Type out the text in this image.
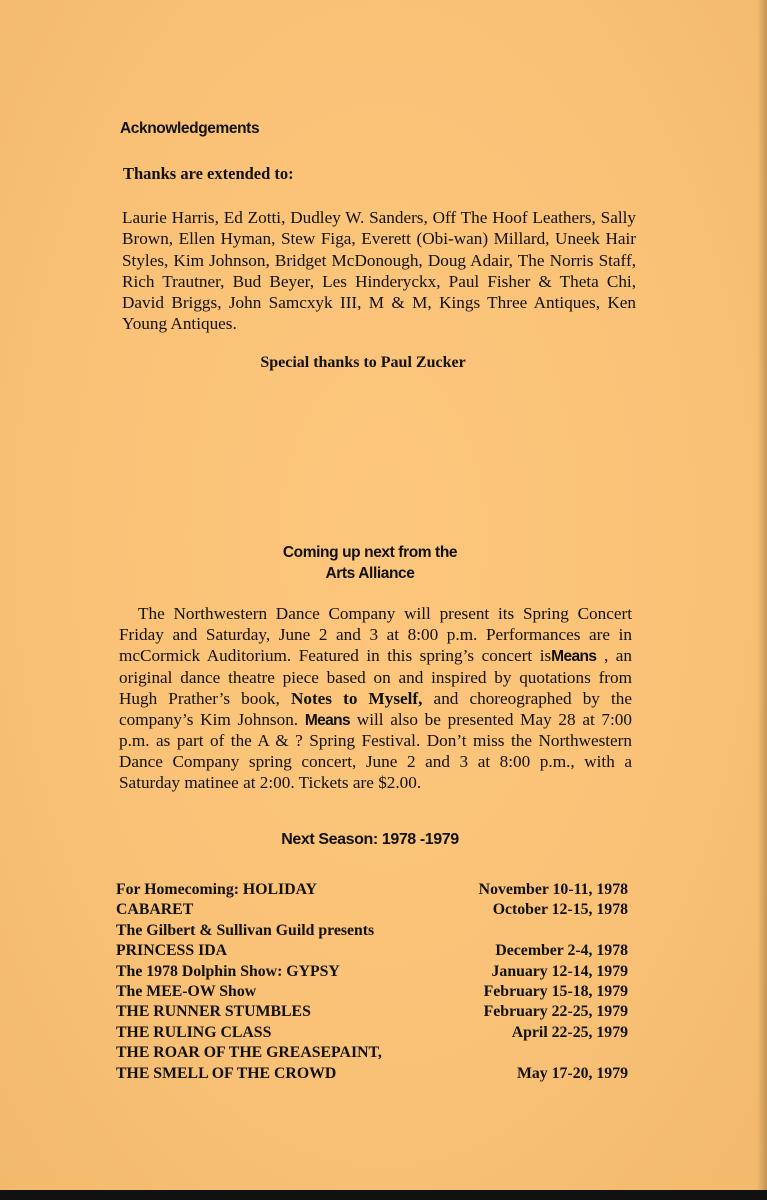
Acknowledgements
Thanks are extended to:
Laurie Harris, Ed Zotti, Dudley W. Sanders, Off The Hoof Leathers, Sally Brown, Ellen Hyman, Stew Figa, Everett (Obi-wan) Millard, Uneek Hair Styles, Kim Johnson, Bridget McDonough, Doug Adair, The Norris Staff, Rich Trautner, Bud Beyer, Les Hinderyckx, Paul Fisher & Theta Chi, David Briggs, John Samcxyk III, M & M, Kings Three Antiques, Ken Young Antiques.
Special thanks to Paul Zucker
Coming up next from the
Arts Alliance
The Northwestern Dance Company will present its Spring Concert Friday and Saturday, June 2 and 3 at 8:00 p.m. Performances are in mcCormick Auditorium. Featured in this spring’s concert isMeans , an original dance theatre piece based on and inspired by quotations from Hugh Prather’s book, Notes to Myself, and choreographed by the company’s Kim Johnson. Means will also be presented May 28 at 7:00 p.m. as part of the A & ? Spring Festival. Don’t miss the Northwestern Dance Company spring concert, June 2 and 3 at 8:00 p.m., with a Saturday matinee at 2:00. Tickets are $2.00.
Next Season: 1978 -1979
For Homecoming: HOLIDAY	November 10-11, 1978
CABARET	October 12-15, 1978
The Gilbert & Sullivan Guild presents
PRINCESS IDA	December 2-4, 1978
The 1978 Dolphin Show: GYPSY	January 12-14, 1979
The MEE-OW Show	February 15-18, 1979
THE RUNNER STUMBLES	February 22-25, 1979
THE RULING CLASS	April 22-25, 1979
THE ROAR OF THE GREASEPAINT,
THE SMELL OF THE CROWD	May 17-20, 1979
